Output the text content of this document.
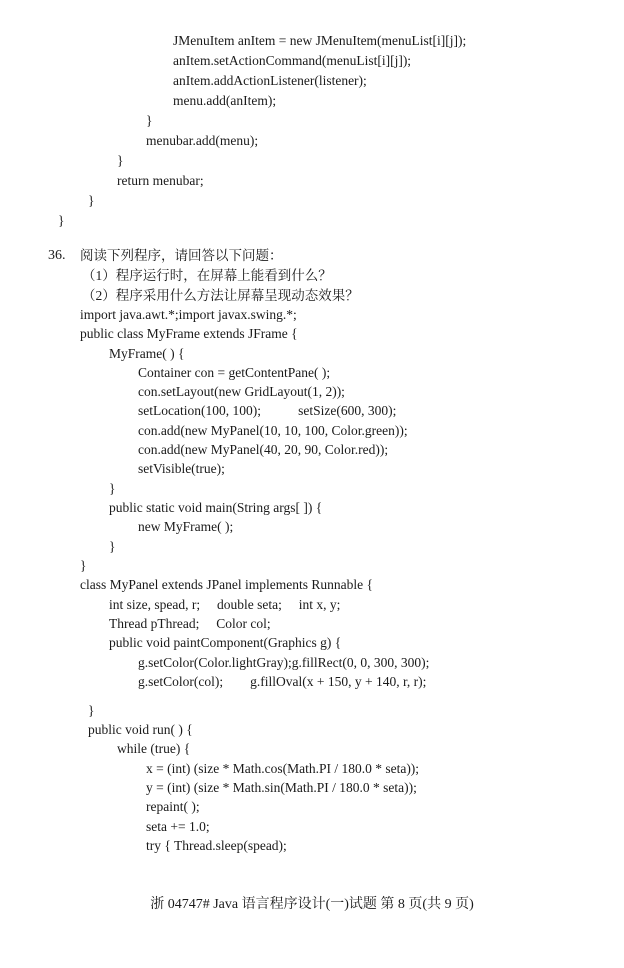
JMenuItem anItem = new JMenuItem(menuList[i][j]);
anItem.setActionCommand(menuList[i][j]);
anItem.addActionListener(listener);
menu.add(anItem);
}
menubar.add(menu);
}
return menubar;
}
}
36. 阅读下列程序，请回答以下问题：
（1）程序运行时，在屏幕上能看到什么？
（2）程序采用什么方法让屏幕呈现动态效果？
import java.awt.*;import javax.swing.*;
public class MyFrame extends JFrame {
MyFrame( ) {
Container con = getContentPane( );
con.setLayout(new GridLayout(1, 2));
setLocation(100, 100);           setSize(600, 300);
con.add(new MyPanel(10, 10, 100, Color.green));
con.add(new MyPanel(40, 20, 90, Color.red));
setVisible(true);
}
public static void main(String args[ ]) {
new MyFrame( );
}
}
class MyPanel extends JPanel implements Runnable {
int size, spead, r;     double seta;     int x, y;
Thread pThread;     Color col;
public void paintComponent(Graphics g) {
g.setColor(Color.lightGray);g.fillRect(0, 0, 300, 300);
g.setColor(col);        g.fillOval(x + 150, y + 140, r, r);
}
public void run( ) {
while (true) {
x = (int) (size * Math.cos(Math.PI / 180.0 * seta));
y = (int) (size * Math.sin(Math.PI / 180.0 * seta));
repaint( );
seta += 1.0;
try { Thread.sleep(spead);
浙 04747# Java 语言程序设计(一)试题 第 8 页(共 9 页)
